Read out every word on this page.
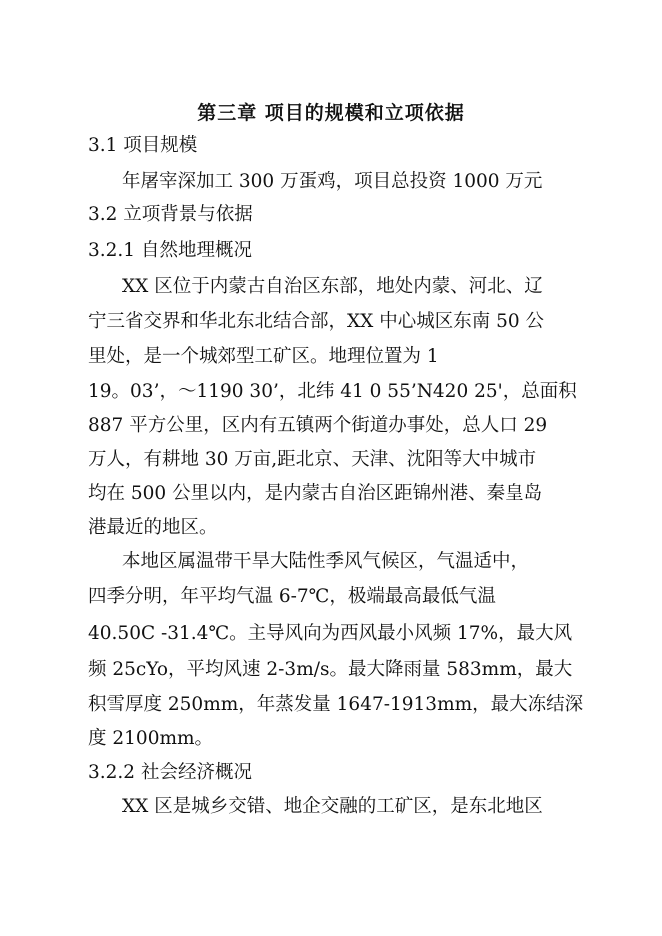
第三章 项目的规模和立项依据
3.1 项目规模
年屠宰深加工 300 万蛋鸡，项目总投资 1000 万元
3.2 立项背景与依据
3.2.1 自然地理概况
XX 区位于内蒙古自治区东部，地处内蒙、河北、辽
宁三省交界和华北东北结合部，XX 中心城区东南 50 公
里处，是一个城郊型工矿区。地理位置为 1
19。03’，～1190 30’，北纬 41 0 55’N420 25'，总面积
887 平方公里，区内有五镇两个街道办事处，总人口 29
万人，有耕地 30 万亩,距北京、天津、沈阳等大中城市
均在 500 公里以内，是内蒙古自治区距锦州港、秦皇岛
港最近的地区。
本地区属温带干旱大陆性季风气候区，气温适中，
四季分明，年平均气温 6-7℃，极端最高最低气温
40.50C -31.4℃。主导风向为西风最小风频 17%，最大风
频 25cYo，平均风速 2-3m/s。最大降雨量 583mm，最大
积雪厚度 250mm，年蒸发量 1647-1913mm，最大冻结深
度 2100mm。
3.2.2 社会经济概况
XX 区是城乡交错、地企交融的工矿区，是东北地区
